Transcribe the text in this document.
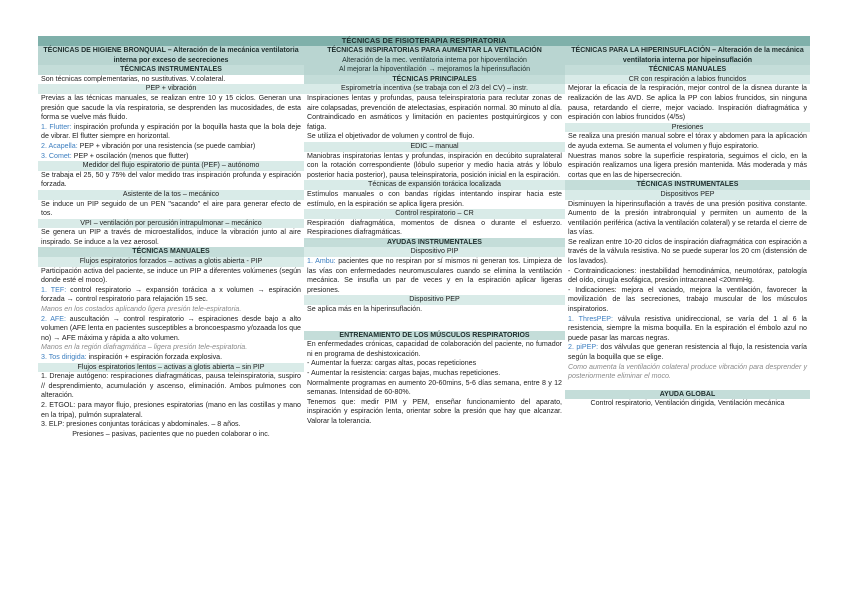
TÉCNICAS DE FISIOTERAPIA RESPIRATORIA
TÉCNICAS DE HIGIENE BRONQUIAL – Alteración de la mecánica ventilatoria interna por exceso de secreciones
TÉCNICAS INSTRUMENTALES

Son técnicas complementarias, no sustitutivas. V.colateral.

PEP + vibración

Previas a las técnicas manuales, se realizan entre 10 y 15 ciclos. Generan una presión que sacude la vía respiratoria, se desprenden las mucosidades, de esta forma se vuelve más fluido.

1. Flutter: inspiración profunda y espiración por la boquilla hasta que la bola deje de vibrar. El flutter siempre en horizontal.

2. Acapella: PEP + vibración por una resistencia (se puede cambiar)

3. Comet: PEP + oscilación (menos que flutter)

Medidor del flujo espiratorio de punta (PEF) – autónomo

Se trabaja el 25, 50 y 75% del valor medido tras inspiración profunda y espiración forzada.

Asistente de la tos – mecánico

Se induce un PIP seguido de un PEN "sacando" el aire para generar efecto de tos.

VPI – ventilación por percusión intrapulmonar – mecánico

Se genera un PIP a través de microestallidos, induce la vibración junto al aire inspirado. Se induce a la vez aerosol.

TÉCNICAS MANUALES
Flujos espiratorios forzados – activas a glotis abierta - PIP

Participación activa del paciente, se induce un PIP a diferentes volúmenes (según donde esté el moco).

1. TEF: control respiratorio → expansión torácica a x volumen → espiración forzada → control respiratorio para relajación 15 sec.

Manos en los costados aplicando ligera presión tele-espiratoria.

2. AFE: auscultación → control respiratorio → espiraciones desde bajo a alto volumen (AFE lenta en pacientes susceptibles a broncoespasmo y/ozaada los que no) → AFE máxima y rápida a alto volumen.

Manos en la región diafragmática – ligera presión tele-espiratoria.

3. Tos dirigida: inspiración + espiración forzada explosiva.

Flujos espiratorios lentos – activas a glotis abierta – sin PIP

1. Drenaje autógeno: respiraciones diafragmáticas, pausa teleinspiratoria, suspiro // desprendimiento, acumulación y ascenso, eliminación. Ambos pulmones con alteración.

2. ETGOL: para mayor flujo, presiones espiratorias (mano en las costillas y mano en la tripa), pulmón supralateral.

3. ELP: presiones conjuntas torácicas y abdominales. – 8 años.

Presiones – pasivas, pacientes que no pueden colaborar o inc.

TÉCNICAS INSPIRATORIAS PARA AUMENTAR LA VENTILACIÓN
Alteración de la mec. ventilatoria interna por hipoventilación
Al mejorar la hipoventilación → mejoramos la hiperinsuflación
TÉCNICAS PRINCIPALES
Espirometría incentiva (se trabaja con el 2/3 del CV) – instr.

Inspiraciones lentas y profundas, pausa teleinspiratoria para reclutar zonas de aire colapsadas, prevención de atelectasias, espiración normal. 30 minuto al día. Contraindicado en asmáticos y limitación en pacientes postquirúrgicos y con fatiga.

Se utiliza el objetivador de volumen y control de flujo.

EDIC – manual

Maniobras inspiratorias lentas y profundas, inspiración en decúbito supralateral con la rotación correspondiente (lóbulo superior y medio hacia atrás y lóbulo posterior hacia posterior), pausa teleinspiratoria, posición inicial en la espiración.

Técnicas de expansión torácica localizada

Estímulos manuales o con bandas rígidas intentando inspirar hacia este estímulo, en la espiración se aplica ligera presión.

Control respiratorio – CR

Respiración diafragmática, momentos de disnea o durante el esfuerzo. Respiraciones diafragmáticas.

AYUDAS INSTRUMENTALES
Dispositivo PIP

1. Ambu: pacientes que no respiran por sí mismos ni generan tos. Limpieza de las vías con enfermedades neuromusculares cuando se elimina la ventilación mecánica. Se insufla un par de veces y en la espiración aplicar ligeras presiones.

Dispositivo PEP

Se aplica más en la hiperinsuflación.

ENTRENAMIENTO DE LOS MÚSCULOS RESPIRATORIOS

En enfermedades crónicas, capacidad de colaboración del paciente, no fumador ni en programa de deshistoxicación.

- Aumentar la fuerza: cargas altas, pocas repeticiones

- Aumentar la resistencia: cargas bajas, muchas repeticiones.

Normalmente programas en aumento 20-60mins, 5-6 días semana, entre 8 y 12 semanas. Intensidad de 60-80%.

Tenemos que: medir PIM y PEM, enseñar funcionamiento del aparato, inspiración y espiración lenta, orientar sobre la presión que hay que alcanzar. Valorar la tolerancia.

TÉCNICAS PARA LA HIPERINSUFLACIÓN – Alteración de la mecánica ventilatoria interna por hipeinsuflación
TÉCNICAS MANUALES
CR con respiración a labios fruncidos

Mejorar la eficacia de la respiración, mejor control de la disnea durante la realización de las AVD. Se aplica la PP con labios fruncidos, sin ninguna pausa, retardando el cierre, mejor vaciado. Inspiración diafragmática y espiración con labios fruncidos (4/5s)

Presiones

Se realiza una presión manual sobre el tórax y abdomen para la aplicación de ayuda externa. Se aumenta el volumen y flujo espiratorio.

Nuestras manos sobre la superficie respiratoria, seguimos el ciclo, en la espiración realizamos una ligera presión mantenida. Más moderada y más cortas que en las de hipersecreción.

TÉCNICAS INSTRUMENTALES
Dispositivos PEP

Disminuyen la hiperinsuflación a través de una presión positiva constante. Aumento de la presión intrabronquial y permiten un aumento de la ventilación periférica (activa la ventilación colateral) y se retarda el cierre de las vías.

Se realizan entre 10-20 ciclos de inspiración diafragmática con espiración a través de la válvula resistiva. No se puede superar los 20 cm (distensión de los lavados).

- Contraindicaciones: inestabilidad hemodinámica, neumotórax, patología del oído, cirugía esofágica, presión intracraneal <20mmHg.

- Indicaciones: mejora el vaciado, mejora la ventilación, favorecer la movilización de las secreciones, trabajo muscular de los músculos inspiratorios.

1. ThresPEP: válvula resistiva unidireccional, se varía del 1 al 6 la resistencia, siempre la misma boquilla. En la espiración el émbolo azul no puede pasar las marcas negras.

2. piPEP: dos válvulas que generan resistencia al flujo, la resistencia varía según la boquilla que se elige.

Como aumenta la ventilación colateral produce vibración para desprender y posteriormente eliminar el moco.

AYUDA GLOBAL

Control respiratorio, Ventilación dirigida, Ventilación mecánica
